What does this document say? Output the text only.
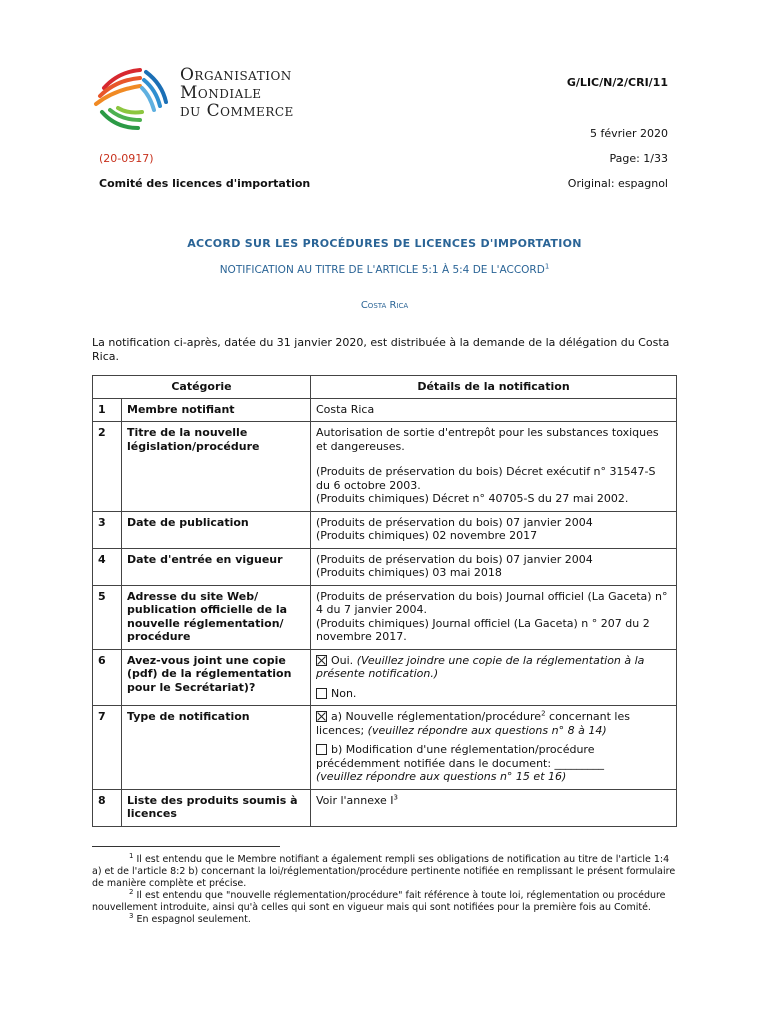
Organisation
Mondiale
du Commerce
G/LIC/N/2/CRI/11
5 février 2020
(20-0917)	Page: 1/33
Comité des licences d'importation	Original: espagnol
ACCORD SUR LES PROCÉDURES DE LICENCES D'IMPORTATION
NOTIFICATION AU TITRE DE L'ARTICLE 5:1 À 5:4 DE L'ACCORD$^1$
Costa Rica
La notification ci-après, datée du 31 janvier 2020, est distribuée à la demande de la délégation du Costa Rica.
Catégorie		Détails de la notification
1	Membre notifiant	Costa Rica

2	Titre de la nouvelle législation/procédure	Autorisation de sortie d'entrepôt pour les substances toxiques et dangereuses.

(Produits de préservation du bois) Décret exécutif n° 31547-S du 6 octobre 2003.

(Produits chimiques) Décret n° 40705-S du 27 mai 2002.

3	Date de publication	(Produits de préservation du bois) 07 janvier 2004

(Produits chimiques) 02 novembre 2017

4	Date d'entrée en vigueur	(Produits de préservation du bois) 07 janvier 2004

(Produits chimiques) 03 mai 2018

5	Adresse du site Web/ publication officielle de la nouvelle réglementation/ procédure	(Produits de préservation du bois) Journal officiel (La Gaceta) n° 4 du 7 janvier 2004.

(Produits chimiques) Journal officiel (La Gaceta) n ° 207 du 2 novembre 2017.

6	Avez-vous joint une copie (pdf) de la réglementation pour le Secrétariat)?	Oui. (Veuillez joindre une copie de la réglementation à la présente notification.)

Non.

7	Type de notification	a) Nouvelle réglementation/procédure$^2$ concernant les licences; (veuillez répondre aux questions n° 8 à 14)

b) Modification d'une réglementation/procédure précédemment notifiée dans le document: _________

(veuillez répondre aux questions n° 15 et 16)

8	Liste des produits soumis à licences	Voir l'annexe $I^3$

$^1$ Il est entendu que le Membre notifiant a également rempli ses obligations de notification au titre de l'article 1:4 a) et de l'article 8:2 b) concernant la loi/réglementation/procédure pertinente notifiée en remplissant le présent formulaire de manière complète et précise.

$^2$ Il est entendu que "nouvelle réglementation/procédure" fait référence à toute loi, réglementation ou procédure nouvellement introduite, ainsi qu'à celles qui sont en vigueur mais qui sont notifiées pour la première fois au Comité.

$^3$ En espagnol seulement.
